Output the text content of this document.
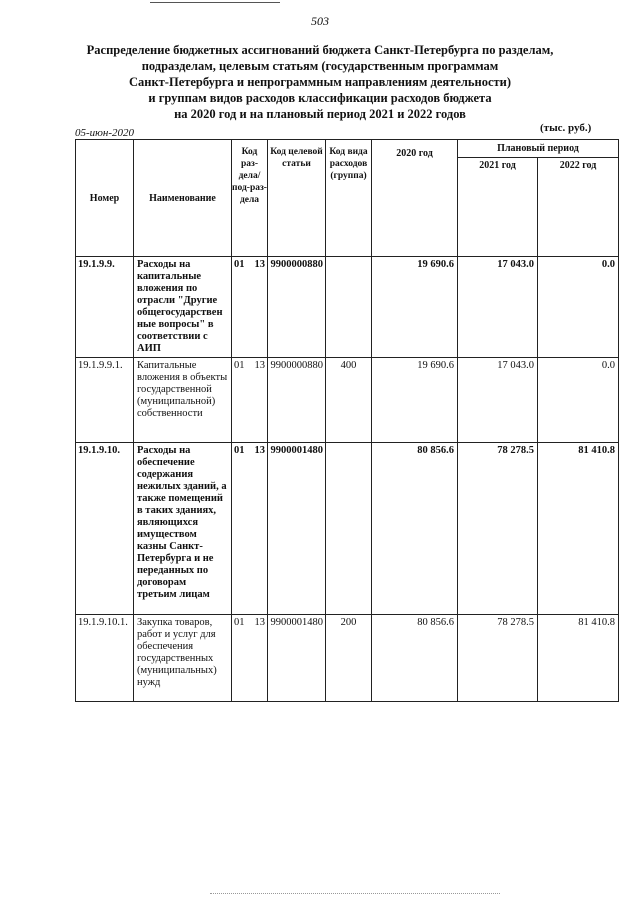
503
Распределение бюджетных ассигнований бюджета Санкт-Петербурга по разделам,
подразделам, целевым статьям (государственным программам
Санкт-Петербурга и непрограммным направлениям деятельности)
и группам видов расходов классификации расходов бюджета
на 2020 год и на плановый период 2021 и 2022 годов
05-июн-2020	(тыс. руб.)
Номер	Наименование	Код раз-дела/ под-раз-дела	Код целевой статьи	Код вида расходов (группа)	2020 год	Плановый период	
						2021 год	2022 год
19.1.9.9.	Расходы на капитальные вложения по отрасли "Другие общегосударствен ные вопросы" в соответствии с АИП	01 13	9900000880		19 690.6	17 043.0	0.0
19.1.9.9.1.	Капитальные вложения в объекты государственной (муниципальной) собственности	01 13	9900000880	400	19 690.6	17 043.0	0.0
19.1.9.10.	Расходы на обеспечение содержания нежилых зданий, а также помещений в таких зданиях, являющихся имуществом казны Санкт-Петербурга и не переданных по договорам третьим лицам	01 13	9900001480		80 856.6	78 278.5	81 410.8
19.1.9.10.1.	Закупка товаров, работ и услуг для обеспечения государственных (муниципальных) нужд	01 13	9900001480	200	80 856.6	78 278.5	81 410.8
